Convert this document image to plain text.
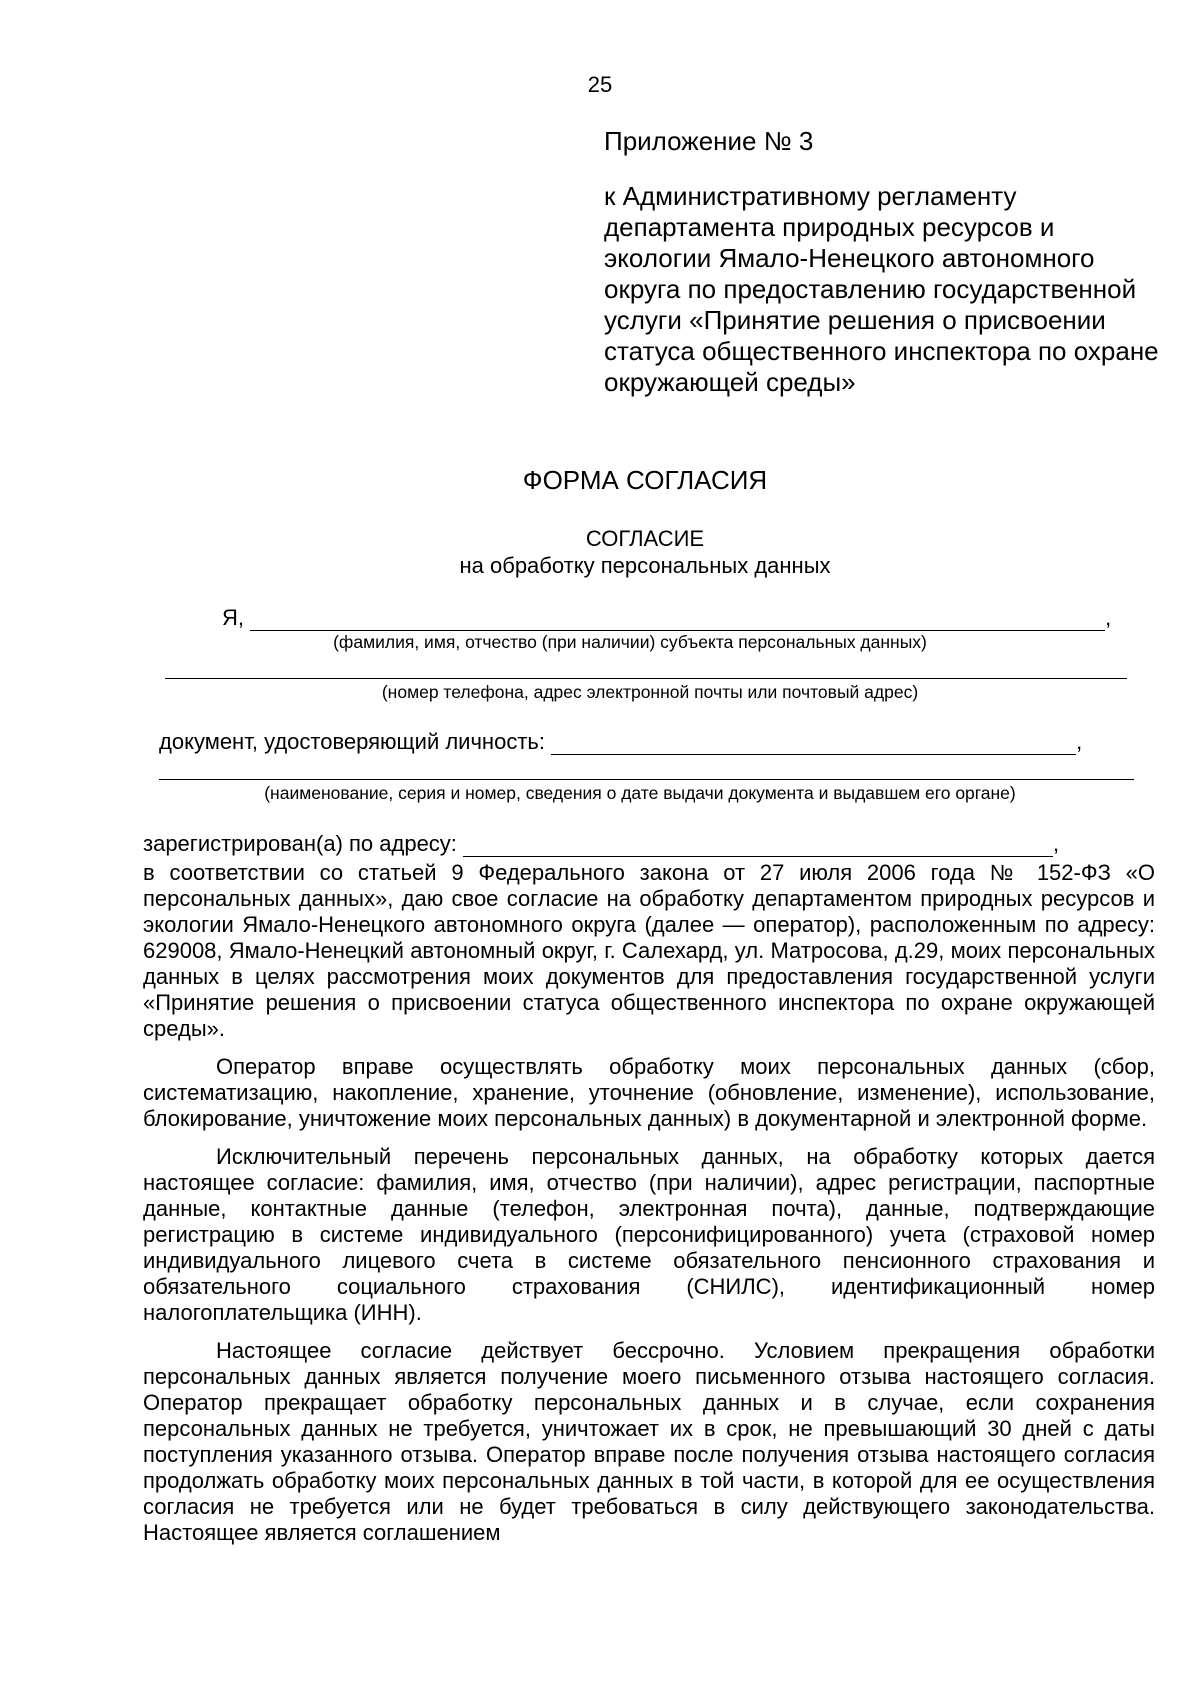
25
Приложение № 3
к Административному регламенту департамента природных ресурсов и экологии Ямало-Ненецкого автономного округа по предоставлению государственной услуги «Принятие решения о присвоении статуса общественного инспектора по охране окружающей среды»
ФОРМА СОГЛАСИЯ
СОГЛАСИЕ
на обработку персональных данных
Я,	,
(фамилия, имя, отчество (при наличии) субъекта персональных данных)
(номер телефона, адрес электронной почты или почтовый адрес)
документ, удостоверяющий личность:	,
(наименование, серия и номер, сведения о дате выдачи документа и выдавшем его органе)
зарегистрирован(а) по адресу:	,

в соответствии со статьей 9 Федерального закона от 27 июля 2006 года № 152-ФЗ «О персональных данных», даю свое согласие на обработку департаментом природных ресурсов и экологии Ямало-Ненецкого автономного округа (далее — оператор), расположенным по адресу: 629008, Ямало-Ненецкий автономный округ, г. Салехард, ул. Матросова, д.29, моих персональных данных в целях рассмотрения моих документов для предоставления государственной услуги «Принятие решения о присвоении статуса общественного инспектора по охране окружающей среды».

Оператор вправе осуществлять обработку моих персональных данных (сбор, систематизацию, накопление, хранение, уточнение (обновление, изменение), использование, блокирование, уничтожение моих персональных данных) в документарной и электронной форме.

Исключительный перечень персональных данных, на обработку которых дается настоящее согласие: фамилия, имя, отчество (при наличии), адрес регистрации, паспортные данные, контактные данные (телефон, электронная почта), данные, подтверждающие регистрацию в системе индивидуального (персонифицированного) учета (страховой номер индивидуального лицевого счета в системе обязательного пенсионного страхования и обязательного социального страхования (СНИЛС), идентификационный номер налогоплательщика (ИНН).

Настоящее согласие действует бессрочно. Условием прекращения обработки персональных данных является получение моего письменного отзыва настоящего согласия. Оператор прекращает обработку персональных данных и в случае, если сохранения персональных данных не требуется, уничтожает их в срок, не превышающий 30 дней с даты поступления указанного отзыва. Оператор вправе после получения отзыва настоящего согласия продолжать обработку моих персональных данных в той части, в которой для ее осуществления согласия не требуется или не будет требоваться в силу действующего законодательства. Настоящее является соглашением
